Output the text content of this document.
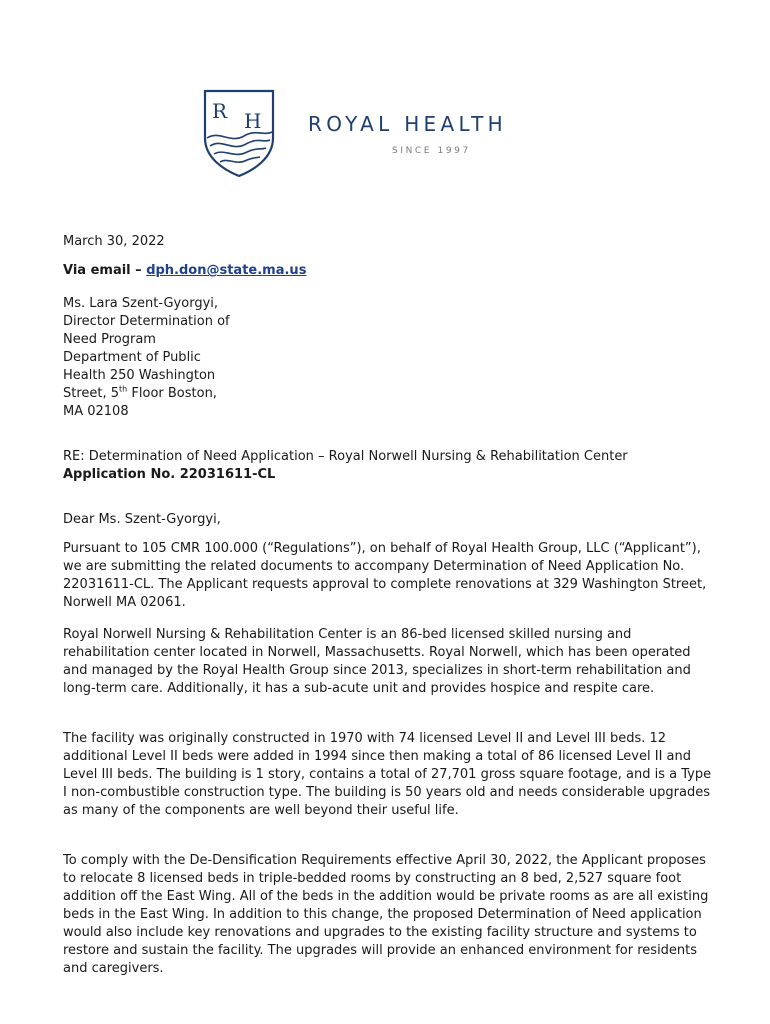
R H ROYAL HEALTH
SINCE 1997

March 30, 2022

Via email – dph.don@state.ma.us

Ms. Lara Szent-Gyorgyi,
Director Determination of
Need Program
Department of Public
Health 250 Washington
Street, 5th Floor Boston,
MA 02108
RE: Determination of Need Application – Royal Norwell Nursing & Rehabilitation Center
Application No. 22031611-CL

Dear Ms. Szent-Gyorgyi,

Pursuant to 105 CMR 100.000 (“Regulations”), on behalf of Royal Health Group, LLC (“Applicant”), we are submitting the related documents to accompany Determination of Need Application No. 22031611-CL. The Applicant requests approval to complete renovations at 329 Washington Street, Norwell MA 02061.

Royal Norwell Nursing & Rehabilitation Center is an 86-bed licensed skilled nursing and rehabilitation center located in Norwell, Massachusetts. Royal Norwell, which has been operated and managed by the Royal Health Group since 2013, specializes in short-term rehabilitation and long-term care. Additionally, it has a sub-acute unit and provides hospice and respite care.

The facility was originally constructed in 1970 with 74 licensed Level II and Level III beds. 12 additional Level II beds were added in 1994 since then making a total of 86 licensed Level II and Level III beds. The building is 1 story, contains a total of 27,701 gross square footage, and is a Type I non-combustible construction type. The building is 50 years old and needs considerable upgrades as many of the components are well beyond their useful life.

To comply with the De-Densification Requirements effective April 30, 2022, the Applicant proposes to relocate 8 licensed beds in triple-bedded rooms by constructing an 8 bed, 2,527 square foot addition off the East Wing. All of the beds in the addition would be private rooms as are all existing beds in the East Wing. In addition to this change, the proposed Determination of Need application would also include key renovations and upgrades to the existing facility structure and systems to restore and sustain the facility. The upgrades will provide an enhanced environment for residents and caregivers.
